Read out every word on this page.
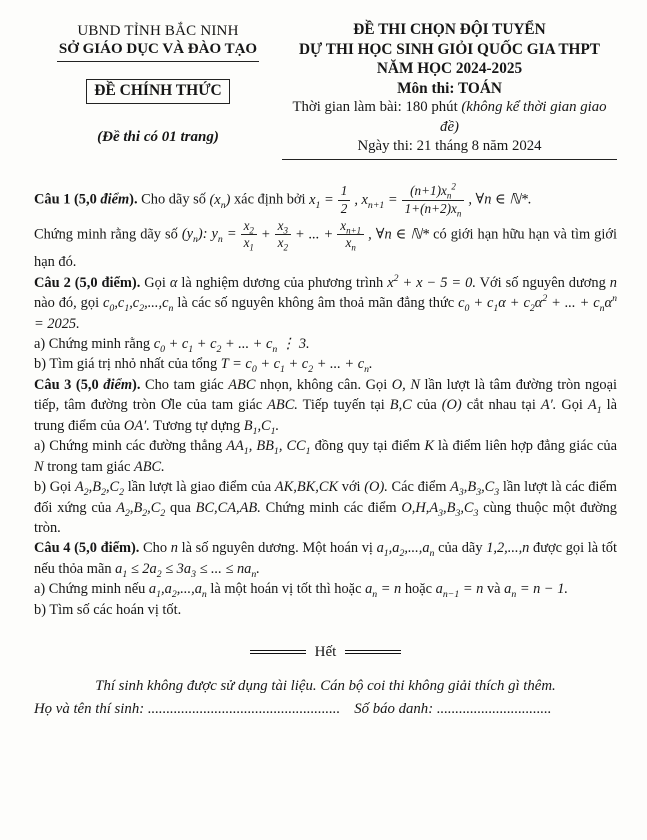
UBND TỈNH BẮC NINH
SỞ GIÁO DỤC VÀ ĐÀO TẠO
ĐỀ CHÍNH THỨC
(Đề thi có 01 trang)
ĐỀ THI CHỌN ĐỘI TUYỂN
DỰ THI HỌC SINH GIỎI QUỐC GIA THPT
NĂM HỌC 2024-2025
Môn thi: TOÁN
Thời gian làm bài: 180 phút (không kể thời gian giao đề)
Ngày thi: 21 tháng 8 năm 2024

Câu 1 (5,0 điểm). Cho dãy số $(x_n)$ xác định bởi $x_1 = \frac{1}{2}$ , $x_{n+1} = \frac{(n+1)x_n^2}{1+(n+2)x_n}$ , ∀n ∈ ℕ*.

Chứng minh rằng dãy số $(y_n)$: $y_n = \frac{x_2}{x_1} + \frac{x_3}{x_2}$ + ... + $\frac{x_{n+1}}{x_n}$ , ∀n ∈ ℕ* có giới hạn hữu hạn và tìm giới hạn đó.

Câu 2 (5,0 điểm). Gọi α là nghiệm dương của phương trình $x^2 + x - 5 = 0$. Với số nguyên dương n nào đó, gọi $c_0,c_1,c_2,...,c_n$ là các số nguyên không âm thoả mãn đẳng thức $c_0 + c_1\alpha + c_2\alpha^2$ + ... + $c_n\alpha^n = 2025$.

a) Chứng minh rằng $c_0 + c_1 + c_2$ + ... + $c_n$ ⋮ 3.

b) Tìm giá trị nhỏ nhất của tổng $T = c_0 + c_1 + c_2$ + ... + $c_n$.

Câu 3 (5,0 điểm). Cho tam giác ABC nhọn, không cân. Gọi O, N lần lượt là tâm đường tròn ngoại tiếp, tâm đường tròn Ơle của tam giác ABC. Tiếp tuyến tại B,C của (O) cắt nhau tại A′. Gọi $A_1$ là trung điểm của OA′. Tương tự dựng $B_1,C_1$.

a) Chứng minh các đường thẳng $AA_1$, $BB_1$, $CC_1$ đồng quy tại điểm K là điểm liên hợp đẳng giác của N trong tam giác ABC.

b) Gọi $A_2,B_2,C_2$ lần lượt là giao điểm của AK,BK,CK với (O). Các điểm $A_3,B_3,C_3$ lần lượt là các điểm đối xứng của $A_2,B_2,C_2$ qua BC,CA,AB. Chứng minh các điểm $O,H,A_3,B_3,C_3$ cùng thuộc một đường tròn.

Câu 4 (5,0 điểm). Cho n là số nguyên dương. Một hoán vị $a_1,a_2,...,a_n$ của dãy 1,2,...,n được gọi là tốt nếu thỏa mãn $a_1 \le 2a_2 \le 3a_3$ ≤ ... ≤ $na_n$.

a) Chứng minh nếu $a_1,a_2,...,a_n$ là một hoán vị tốt thì hoặc $a_n = n$ hoặc $a_{n-1} = n$ và $a_n = n - 1$.

b) Tìm số các hoán vị tốt.

Hết

Thí sinh không được sử dụng tài liệu. Cán bộ coi thi không giải thích gì thêm.

Họ và tên thí sinh: .................................................... Số báo danh: ...............................
